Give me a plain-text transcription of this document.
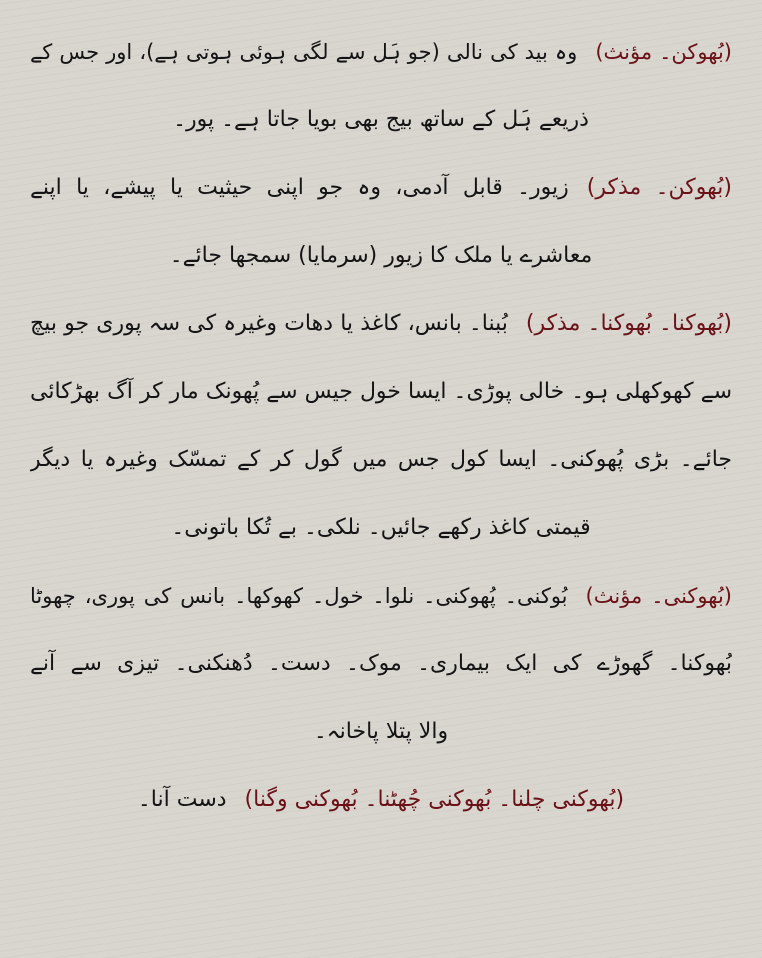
(بُھوکن۔ مؤنث)وہ بید کی نالی (جو ہَل سے لگی ہوئی ہوتی ہے)، اور جس کے
ذریعے ہَل کے ساتھ بیج بھی بویا جاتا ہے۔ پور۔
(بُھوکن۔ مذکر)زیور۔ قابل آدمی، وہ جو اپنی حیثیت یا پیشے، یا اپنے
معاشرے یا ملک کا زیور (سرمایا) سمجھا جائے۔
(بُھوکنا۔ بُھوکنا۔ مذکر)بُبنا۔ بانس، کاغذ یا دھات وغیرہ کی سہ پوری جو بیچ
سے کھوکھلی ہو۔ خالی پوڑی۔ ایسا خول جیس سے پُھونک مار کر آگ بھڑکائی
جائے۔ بڑی پُھوکنی۔ ایسا کول جس میں گول کر کے تمسّک وغیرہ یا دیگر
قیمتی کاغذ رکھے جائیں۔ نلکی۔ بے تُکا باتونی۔
(بُھوکنی۔ مؤنث)بُوکنی۔ پُھوکنی۔ نلوا۔ خول۔ کھوکھا۔ بانس کی پوری، چھوٹا
بُھوکنا۔ گھوڑے کی ایک بیماری۔ موک۔ دست۔ دُھنکنی۔ تیزی سے آنے
والا پتلا پاخانہ۔
(بُھوکنی چلنا۔ بُھوکنی چُھٹنا۔ بُھوکنی وگنا)دست آنا۔
